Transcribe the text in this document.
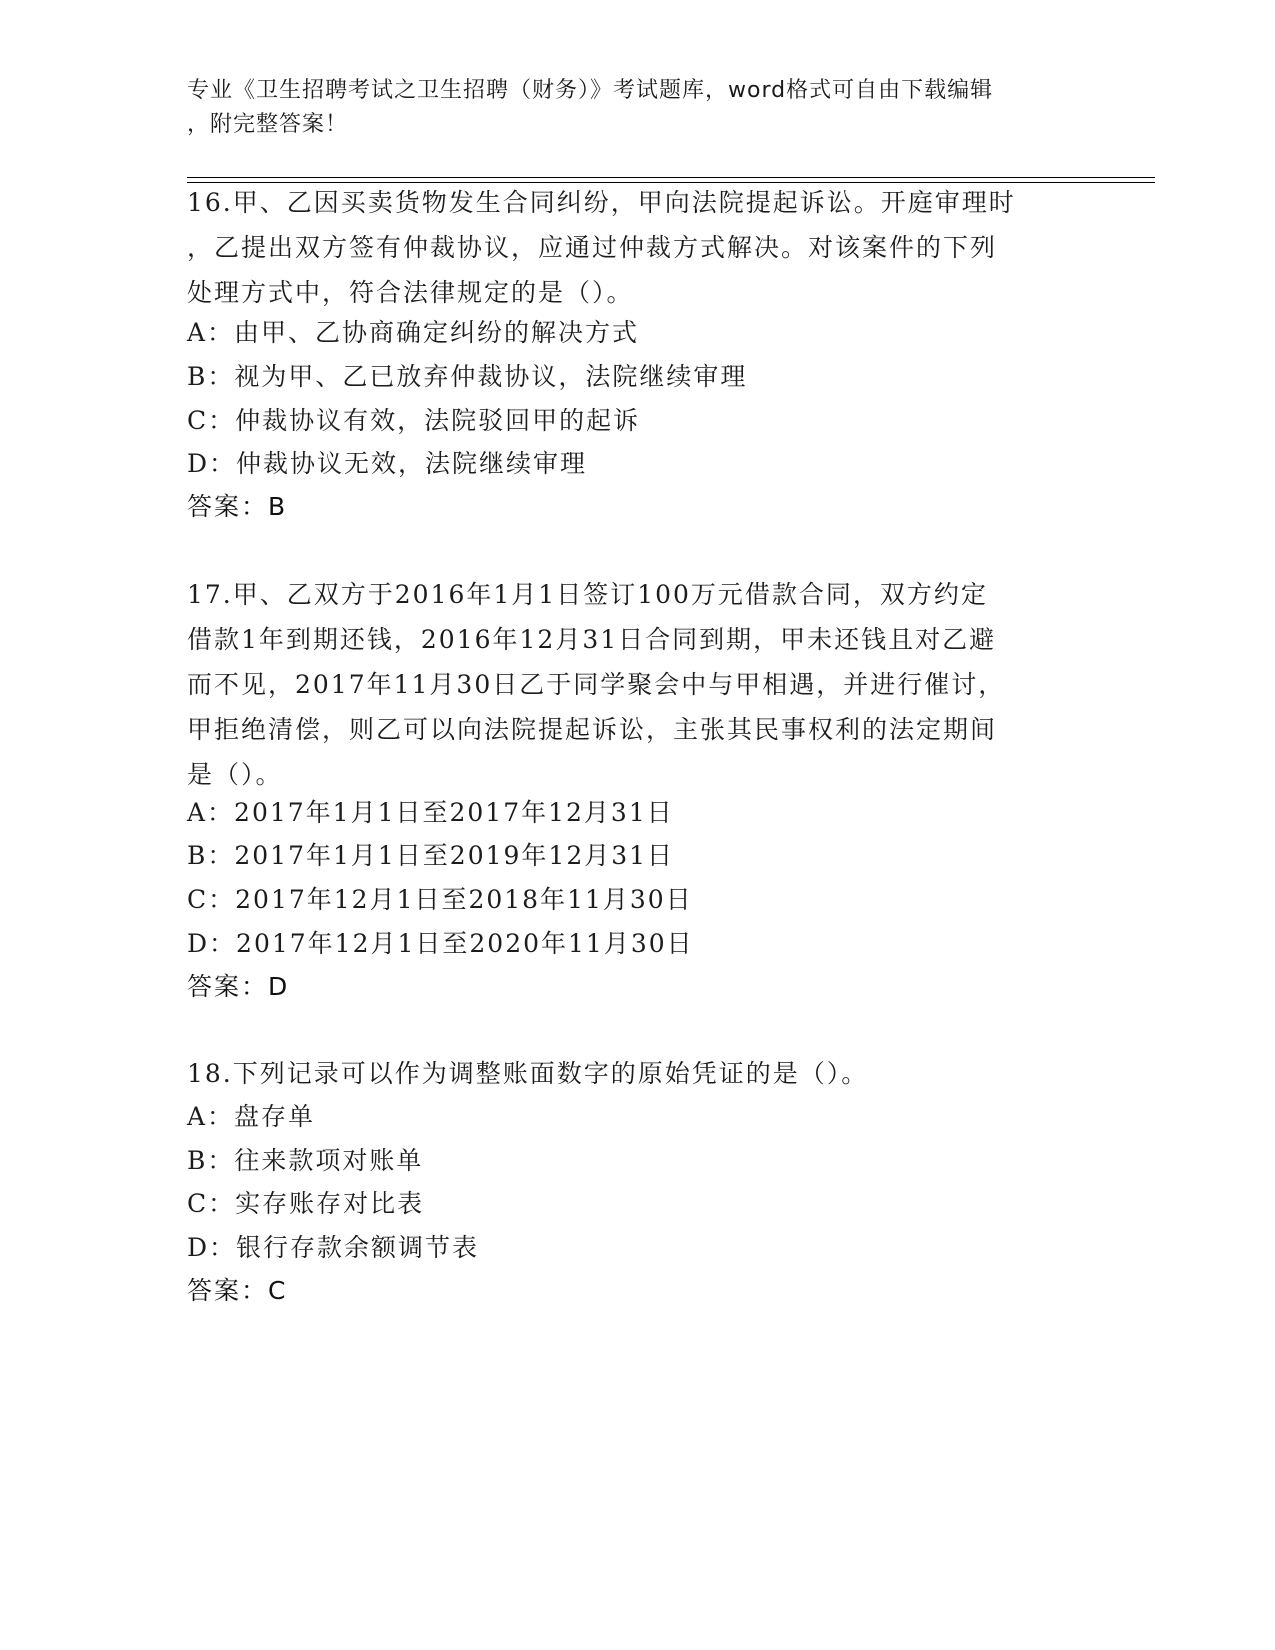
专业《卫生招聘考试之卫生招聘（财务）》考试题库，word格式可自由下载编辑
，附完整答案！
16.甲、乙因买卖货物发生合同纠纷，甲向法院提起诉讼。开庭审理时
，乙提出双方签有仲裁协议，应通过仲裁方式解决。对该案件的下列
处理方式中，符合法律规定的是（）。
A：由甲、乙协商确定纠纷的解决方式
B：视为甲、乙已放弃仲裁协议，法院继续审理
C：仲裁协议有效，法院驳回甲的起诉
D：仲裁协议无效，法院继续审理
答案：B
17.甲、乙双方于2016年1月1日签订100万元借款合同，双方约定
借款1年到期还钱，2016年12月31日合同到期，甲未还钱且对乙避
而不见，2017年11月30日乙于同学聚会中与甲相遇，并进行催讨，
甲拒绝清偿，则乙可以向法院提起诉讼，主张其民事权利的法定期间
是（）。
A：2017年1月1日至2017年12月31日
B：2017年1月1日至2019年12月31日
C：2017年12月1日至2018年11月30日
D：2017年12月1日至2020年11月30日
答案：D
18.下列记录可以作为调整账面数字的原始凭证的是（）。
A：盘存单
B：往来款项对账单
C：实存账存对比表
D：银行存款余额调节表
答案：C
